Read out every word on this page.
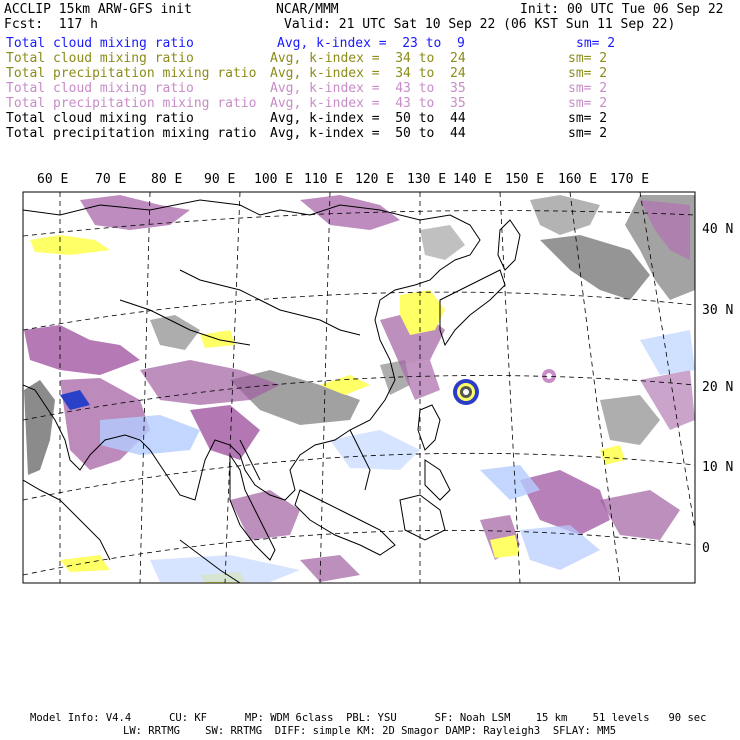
ACCLIP 15km ARW-GFS init	NCAR/MMM	Init: 00 UTC Tue 06 Sep 22
Fcst:  117 h	Valid: 21 UTC Sat 10 Sep 22 (06 KST Sun 11 Sep 22)
Total cloud mixing ratio	Avg, k-index =  23 to  9	sm= 2
Total cloud mixing ratio	Avg, k-index =  34 to  24	sm= 2
Total precipitation mixing ratio Avg, k-index =  34 to  24	sm= 2
Total cloud mixing ratio	Avg, k-index =  43 to  35	sm= 2
Total precipitation mixing ratio Avg, k-index =  43 to  35	sm= 2
Total cloud mixing ratio	Avg, k-index =  50 to  44	sm= 2
Total precipitation mixing ratio Avg, k-index =  50 to  44	sm= 2
60 E 70 E 80 E 90 E 100 E 110 E 120 E 130 E 140 E 150 E 160 E 170 E
40 N
30 N
20 N
10 N
0
Model Info: V4.4      CU: KF      MP: WDM 6class  PBL: YSU      SF: Noah LSM    15 km    51 levels   90 sec
LW: RRTMG    SW: RRTMG  DIFF: simple KM: 2D Smagor DAMP: Rayleigh3  SFLAY: MM5
